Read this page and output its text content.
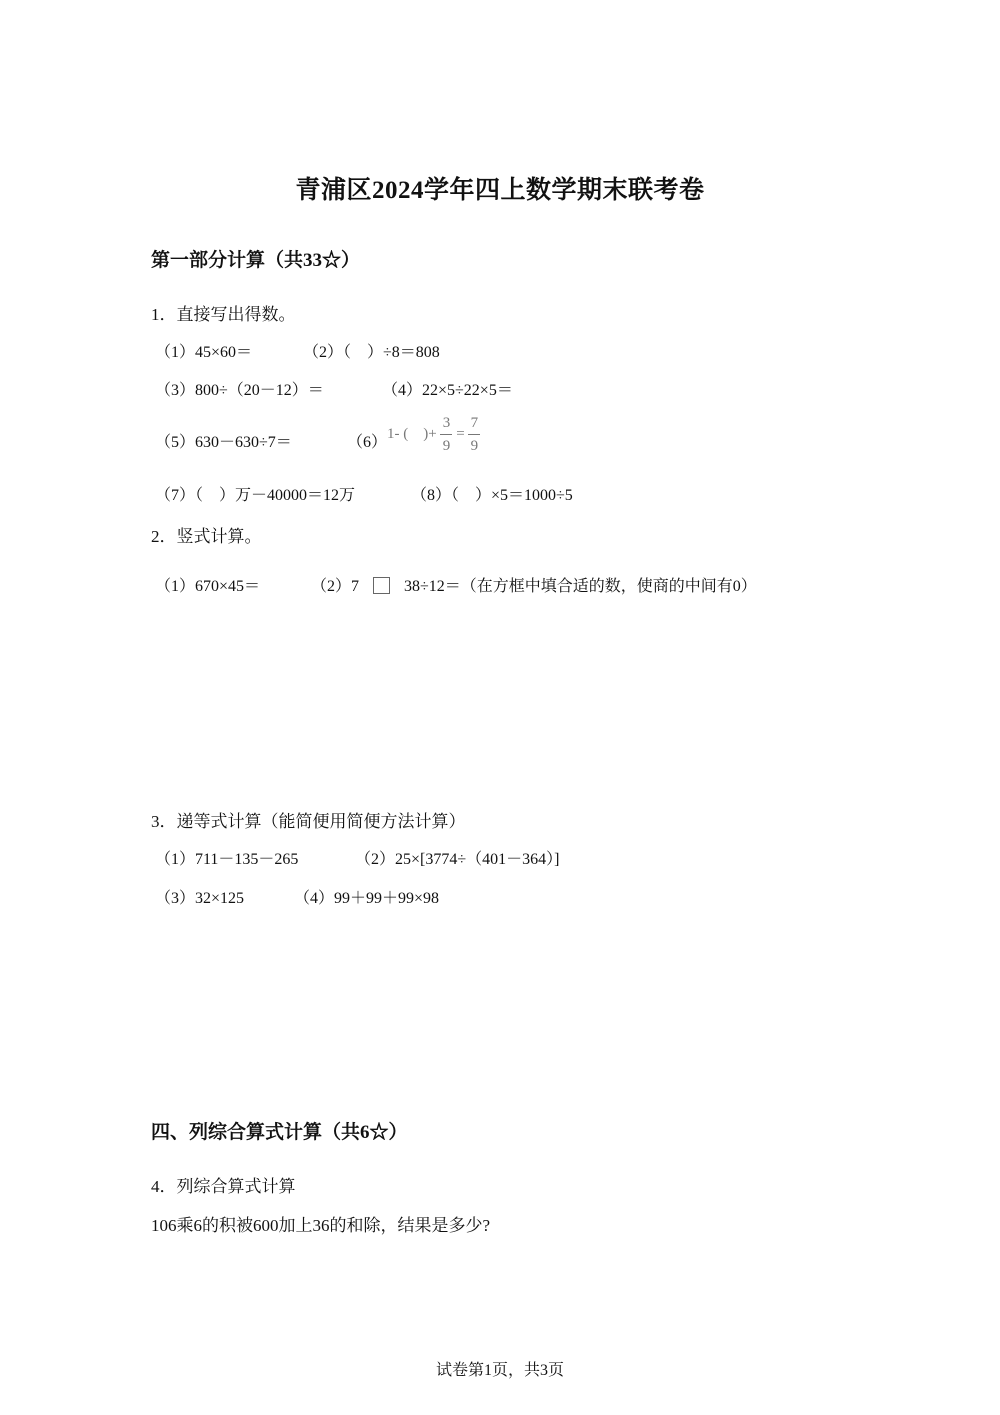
青浦区2024学年四上数学期末联考卷
第一部分计算（共33☆）
1．直接写出得数。
（1）45×60＝	（2）（　）÷8＝808
（3）800÷（20－12）＝	（4）22×5÷22×5＝
（5）630－630÷7＝	（6）
1- (　)+ $\frac{3}{9} = \frac{7}{9}$
（7）（　）万－40000＝12万	（8）（　）×5＝1000÷5
2．竖式计算。
（1）670×45＝	（2）7	38÷12＝（在方框中填合适的数，使商的中间有0）
3．递等式计算（能简便用简便方法计算）
（1）711－135－265	（2）25×[3774÷（401－364）]
（3）32×125	（4）99＋99＋99×98
四、列综合算式计算（共6☆）
4．列综合算式计算
106乘6的积被600加上36的和除，结果是多少?
试卷第1页，共3页
